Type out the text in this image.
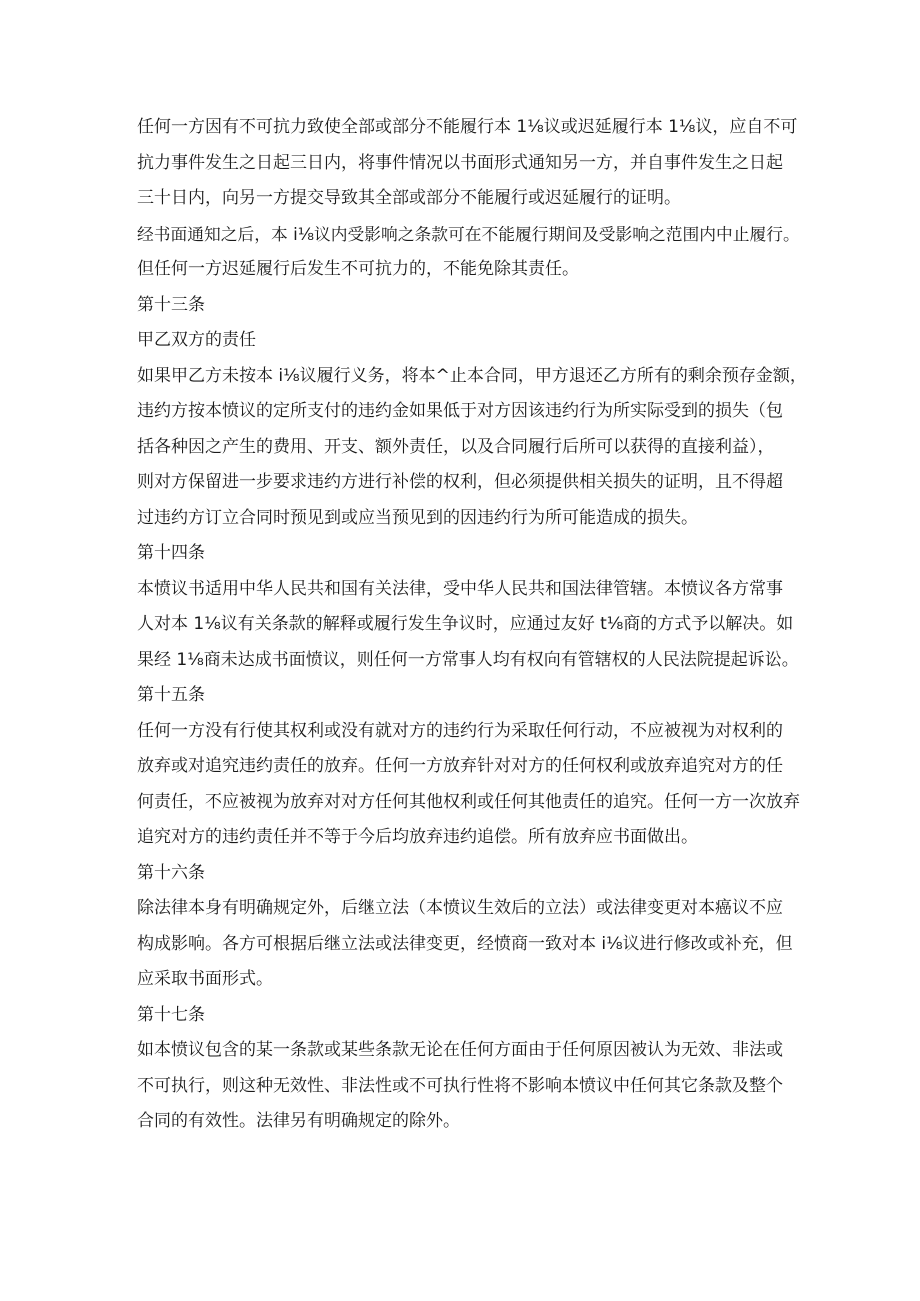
任何一方因有不可抗力致使全部或部分不能履行本 1⅛议或迟延履行本 1⅛议，应自不可

抗力事件发生之日起三日内，将事件情况以书面形式通知另一方，并自事件发生之日起

三十日内，向另一方提交导致其全部或部分不能履行或迟延履行的证明。

经书面通知之后，本 i⅛议内受影响之条款可在不能履行期间及受影响之范围内中止履行。

但任何一方迟延履行后发生不可抗力的，不能免除其责任。

第十三条

甲乙双方的责任

如果甲乙方未按本 i⅛议履行义务，将本^止本合同，甲方退还乙方所有的剩余预存金额，

违约方按本愤议的定所支付的违约金如果低于对方因该违约行为所实际受到的损失（包

括各种因之产生的费用、开支、额外责任，以及合同履行后所可以获得的直接利益），

则对方保留进一步要求违约方进行补偿的权利，但必须提供相关损失的证明，且不得超

过违约方订立合同时预见到或应当预见到的因违约行为所可能造成的损失。

第十四条

本愤议书适用中华人民共和国有关法律，受中华人民共和国法律管辖。本愤议各方常事

人对本 1⅛议有关条款的解释或履行发生争议时，应通过友好 t⅛商的方式予以解决。如

果经 1⅛商未达成书面愤议，则任何一方常事人均有权向有管辖权的人民法院提起诉讼。

第十五条

任何一方没有行使其权利或没有就对方的违约行为采取任何行动，不应被视为对权利的

放弃或对追究违约责任的放弃。任何一方放弃针对对方的任何权利或放弃追究对方的任

何责任，不应被视为放弃对对方任何其他权利或任何其他责任的追究。任何一方一次放弃

追究对方的违约责任并不等于今后均放弃违约追偿。所有放弃应书面做出。

第十六条

除法律本身有明确规定外，后继立法（本愤议生效后的立法）或法律变更对本癌议不应

构成影响。各方可根据后继立法或法律变更，经愤商一致对本 i⅛议进行修改或补充，但

应采取书面形式。

第十七条

如本愤议包含的某一条款或某些条款无论在任何方面由于任何原因被认为无效、非法或

不可执行，则这种无效性、非法性或不可执行性将不影响本愤议中任何其它条款及整个

合同的有效性。法律另有明确规定的除外。
